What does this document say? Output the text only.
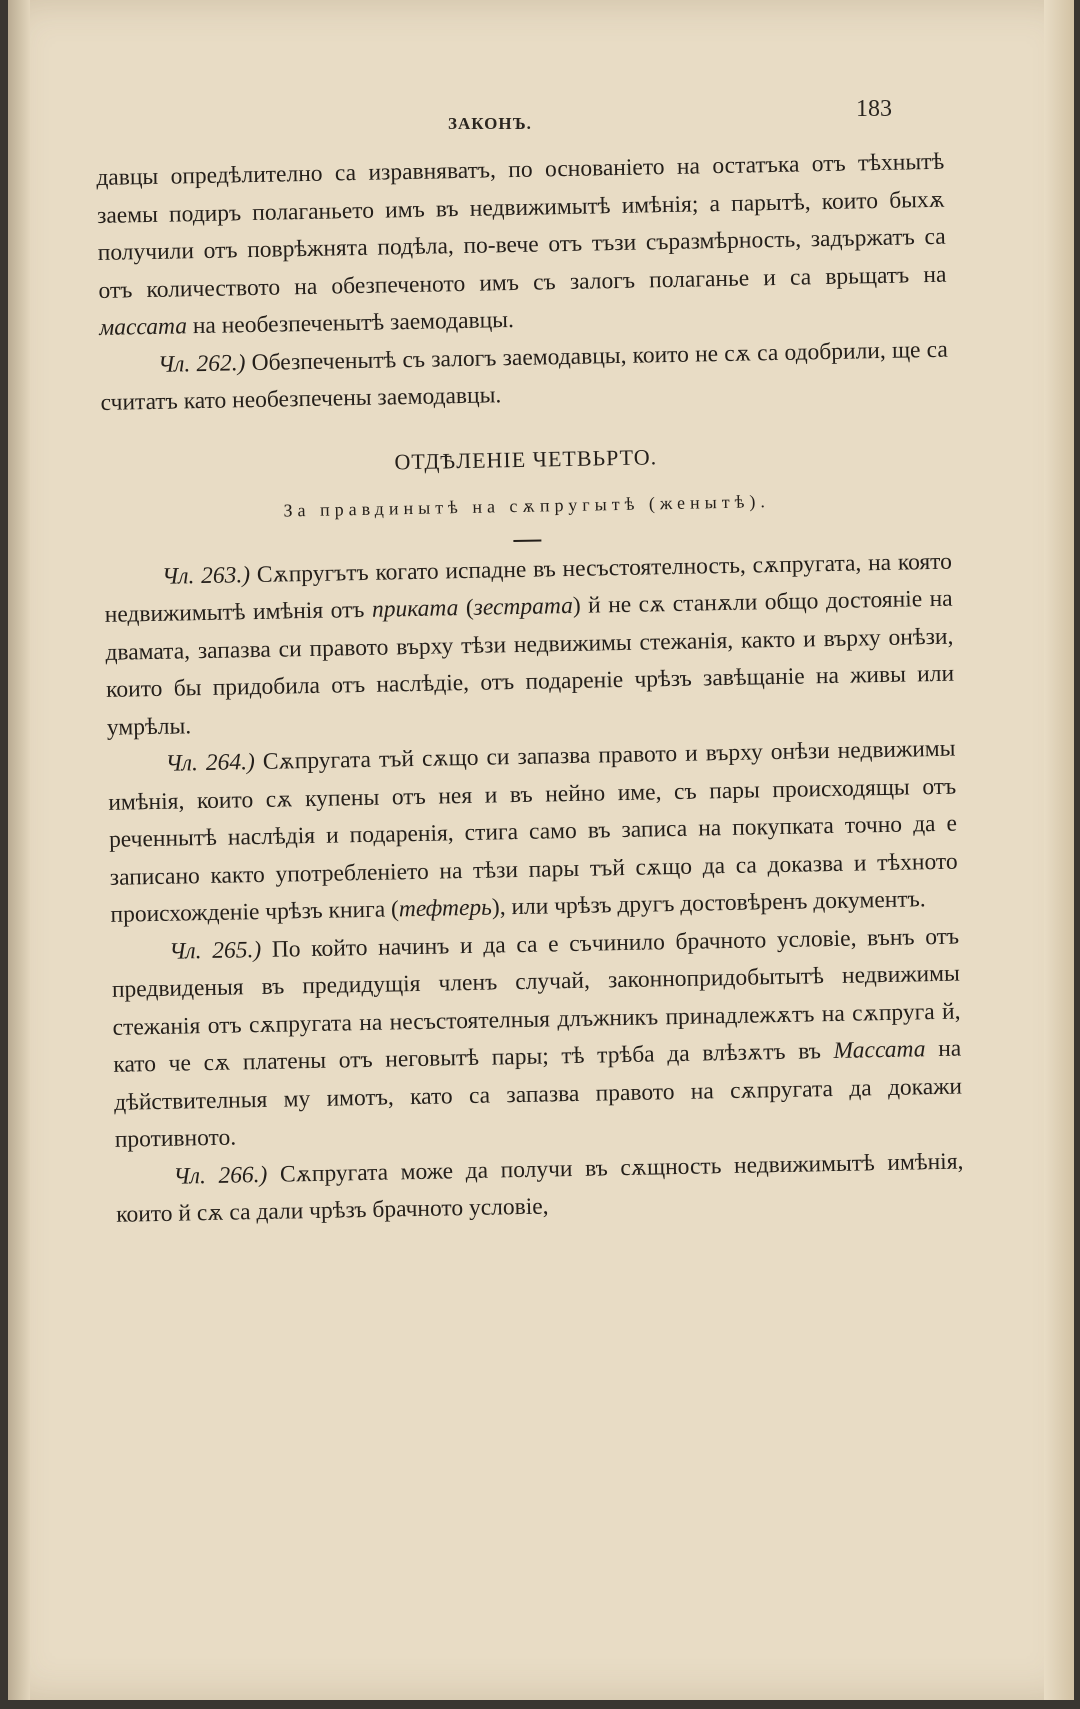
ЗАКОНЪ.
183

давцы опредѣлително са изравняватъ, по основаніето на остатъка отъ тѣхнытѣ заемы подиръ полаганьето имъ въ недвижимытѣ имѣнія; а парытѣ, които быхѫ получили отъ поврѣжнята подѣла, по-вече отъ тъзи съразмѣрность, задържатъ са отъ количеството на обезпеченото имъ съ залогъ полаганье и са врьщатъ на массата на необезпеченытѣ заемодавцы.

Чл. 262.) Обезпеченытѣ съ залогъ заемодавцы, които не сѫ са одобрили, ще са считатъ като необезпечены заемодавцы.

ОТДѢЛЕНІЕ ЧЕТВЬРТО.
За правдинытѣ на сѫпругытѣ (женытѣ).

Чл. 263.) Сѫпругътъ когато испадне въ несъстоятелность, сѫпругата, на която недвижимытѣ имѣнія отъ приката (зестрата) й не сѫ станѫли общо достояніе на двамата, запазва си правото върху тѣзи недвижимы стежанія, както и върху онѣзи, които бы придобила отъ наслѣдіе, отъ подареніе чрѣзъ завѣщаніе на живы или умрѣлы.

Чл. 264.) Сѫпругата тъй сѫщо си запазва правото и върху онѣзи недвижимы имѣнія, които сѫ купены отъ нея и въ нейно име, съ пары происходящы отъ реченнытѣ наслѣдія и подаренія, стига само въ записа на покупката точно да е записано както употребленіето на тѣзи пары тъй сѫщо да са доказва и тѣхното происхожденіе чрѣзъ книга (тефтерь), или чрѣзъ другъ достовѣренъ документъ.

Чл. 265.) По който начинъ и да са е съчинило брачното условіе, вънъ отъ предвиденыя въ предидущія членъ случай, законнопридобытытѣ недвижимы стежанія отъ сѫпругата на несъстоятелныя длъжникъ принадлежѫтъ на сѫпруга й, като че сѫ платены отъ неговытѣ пары; тѣ трѣба да влѣзѫтъ въ Массата на дѣйствителныя му имотъ, като са запазва правото на сѫпругата да докажи противното.

Чл. 266.) Сѫпругата може да получи въ сѫщность недвижимытѣ имѣнія, които й сѫ са дали чрѣзъ брачното условіе,
